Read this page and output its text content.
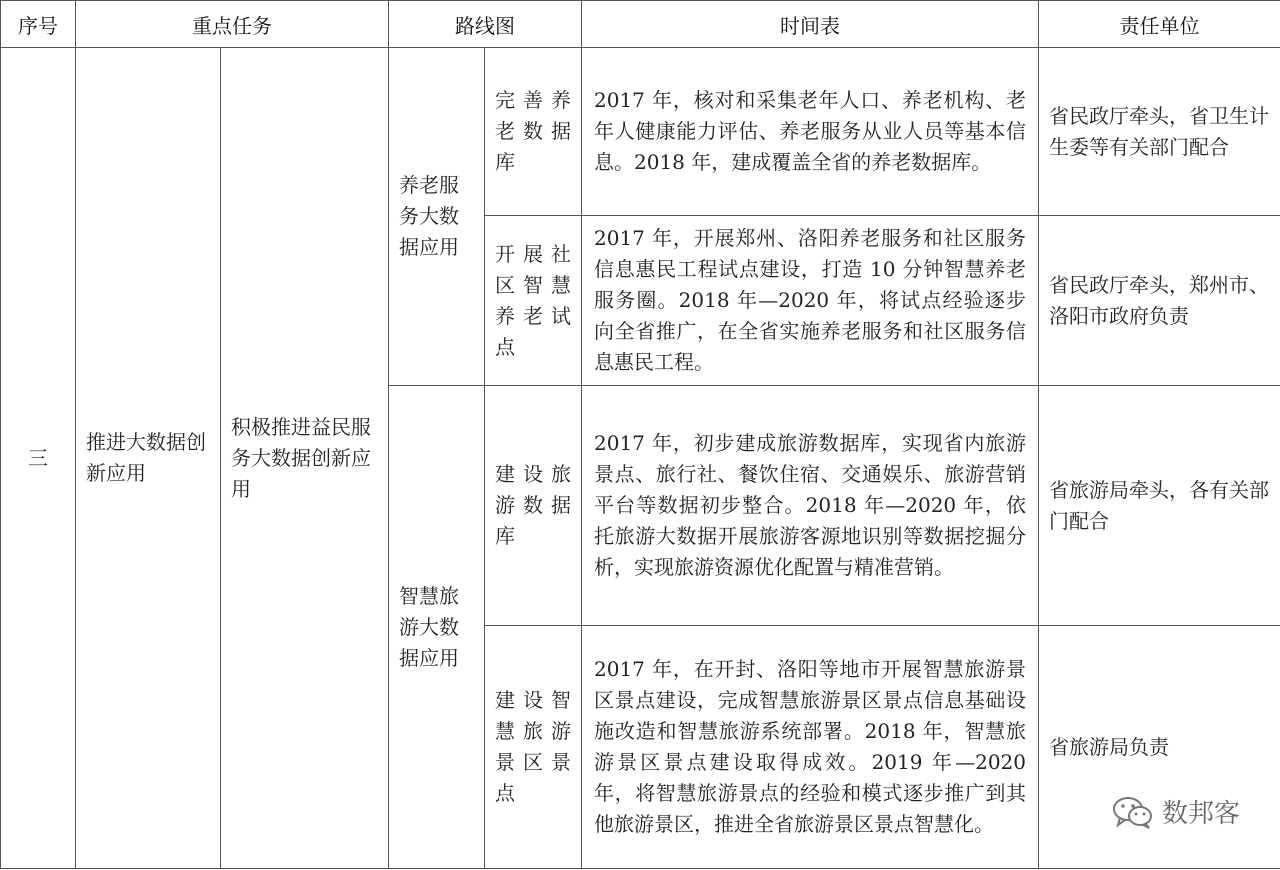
序号	重点任务		路线图		时间表	责任单位
三	推进大数据创新应用	积极推进益民服务大数据创新应用	养老服务大数据应用	完善养老数据库	2017 年，核对和采集老年人口、养老机构、老年人健康能力评估、养老服务从业人员等基本信息。2018 年，建成覆盖全省的养老数据库。	省民政厅牵头，省卫生计生委等有关部门配合
				开展社区智慧养老试点	2017 年，开展郑州、洛阳养老服务和社区服务信息惠民工程试点建设，打造 10 分钟智慧养老服务圈。2018 年—2020 年，将试点经验逐步向全省推广，在全省实施养老服务和社区服务信息惠民工程。	省民政厅牵头，郑州市、洛阳市政府负责
			智慧旅游大数据应用	建设旅游数据库	2017 年，初步建成旅游数据库，实现省内旅游景点、旅行社、餐饮住宿、交通娱乐、旅游营销平台等数据初步整合。2018 年—2020 年，依托旅游大数据开展旅游客源地识别等数据挖掘分析，实现旅游资源优化配置与精准营销。	省旅游局牵头，各有关部门配合
				建设智慧旅游景区景点	2017 年，在开封、洛阳等地市开展智慧旅游景区景点建设，完成智慧旅游景区景点信息基础设施改造和智慧旅游系统部署。2018 年，智慧旅游景区景点建设取得成效。2019 年—2020 年，将智慧旅游景点的经验和模式逐步推广到其他旅游景区，推进全省旅游景区景点智慧化。	省旅游局负责
数邦客
